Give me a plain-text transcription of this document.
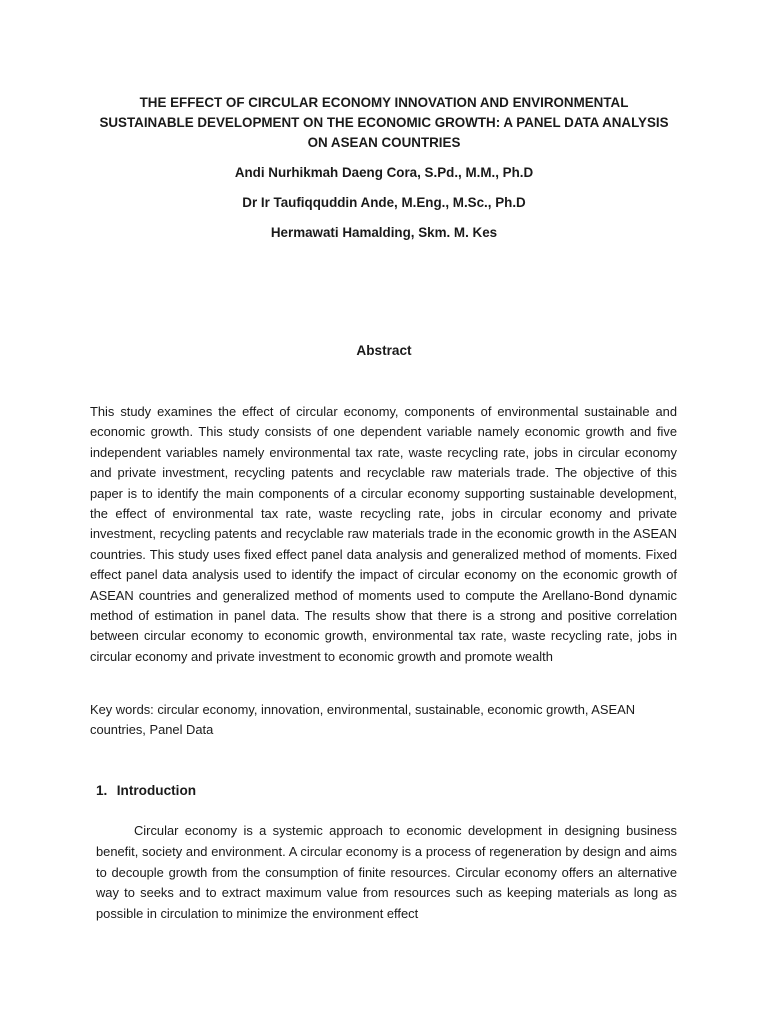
THE EFFECT OF CIRCULAR ECONOMY INNOVATION AND ENVIRONMENTAL SUSTAINABLE DEVELOPMENT ON THE ECONOMIC GROWTH: A PANEL DATA ANALYSIS ON ASEAN COUNTRIES
Andi Nurhikmah Daeng Cora, S.Pd., M.M., Ph.D
Dr Ir Taufiqquddin Ande, M.Eng., M.Sc., Ph.D
Hermawati Hamalding, Skm. M. Kes
Abstract
This study examines the effect of circular economy, components of environmental sustainable and economic growth. This study consists of one dependent variable namely economic growth and five independent variables namely environmental tax rate, waste recycling rate, jobs in circular economy and private investment, recycling patents and recyclable raw materials trade. The objective of this paper is to identify the main components of a circular economy supporting sustainable development, the effect of environmental tax rate, waste recycling rate, jobs in circular economy and private investment, recycling patents and recyclable raw materials trade in the economic growth in the ASEAN countries. This study uses fixed effect panel data analysis and generalized method of moments. Fixed effect panel data analysis used to identify the impact of circular economy on the economic growth of ASEAN countries and generalized method of moments used to compute the Arellano-Bond dynamic method of estimation in panel data. The results show that there is a strong and positive correlation between circular economy to economic growth, environmental tax rate, waste recycling rate, jobs in circular economy and private investment to economic growth and promote wealth
Key words: circular economy, innovation, environmental, sustainable, economic growth, ASEAN countries, Panel Data
1. Introduction
Circular economy is a systemic approach to economic development in designing business benefit, society and environment. A circular economy is a process of regeneration by design and aims to decouple growth from the consumption of finite resources. Circular economy offers an alternative way to seeks and to extract maximum value from resources such as keeping materials as long as possible in circulation to minimize the environment effect
